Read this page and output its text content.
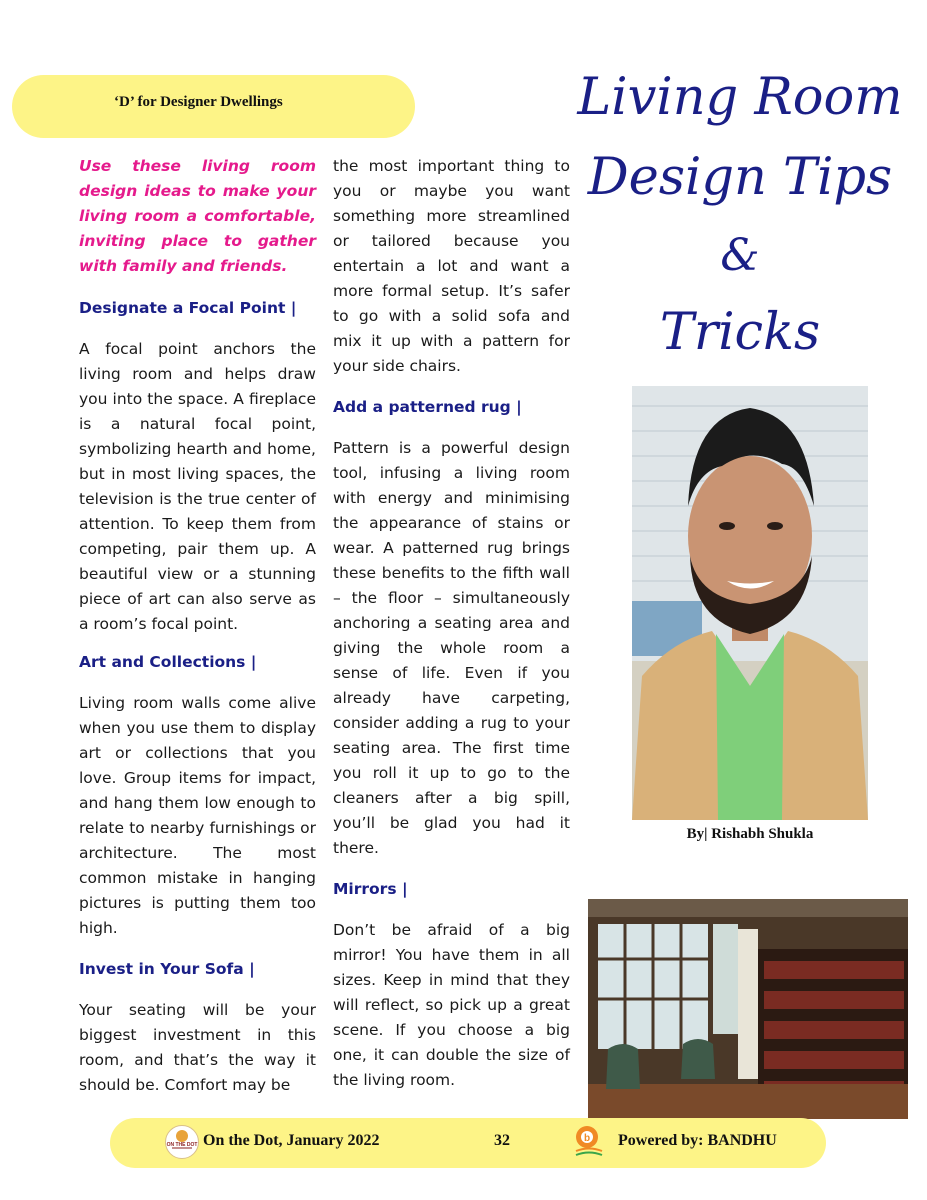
‘D’ for Designer Dwellings	Living Room
Design Tips
&
Tricks

Use these living room design ideas to make your living room a comfortable, inviting place to gather with family and friends.

Designate a Focal Point |

A focal point anchors the living room and helps draw you into the space. A fireplace is a natural focal point, symbolizing hearth and home, but in most living spaces, the television is the true center of attention. To keep them from competing, pair them up. A beautiful view or a stunning piece of art can also serve as a room’s focal point.

Art and Collections |

Living room walls come alive when you use them to display art or collections that you love. Group items for impact, and hang them low enough to relate to nearby furnishings or architecture. The most common mistake in hanging pictures is putting them too high.

Invest in Your Sofa |

Your seating will be your biggest investment in this room, and that’s the way it should be. Comfort may be

the most important thing to you or maybe you want something more streamlined or tailored because you entertain a lot and want a more formal setup. It’s safer to go with a solid sofa and mix it up with a pattern for your side chairs.

Add a patterned rug |

Pattern is a powerful design tool, infusing a living room with energy and minimising the appearance of stains or wear. A patterned rug brings these benefits to the fifth wall – the floor – simultaneously anchoring a seating area and giving the whole room a sense of life. Even if you already have carpeting, consider adding a rug to your seating area. The first time you roll it up to go to the cleaners after a big spill, you’ll be glad you had it there.

Mirrors |

Don’t be afraid of a big mirror! You have them in all sizes. Keep in mind that they will reflect, so pick up a great scene. If you choose a big one, it can double the size of the living room.

By| Rishabh Shukla
ON THE DOT On the Dot, January 2022	32	b Powered by: BANDHU
